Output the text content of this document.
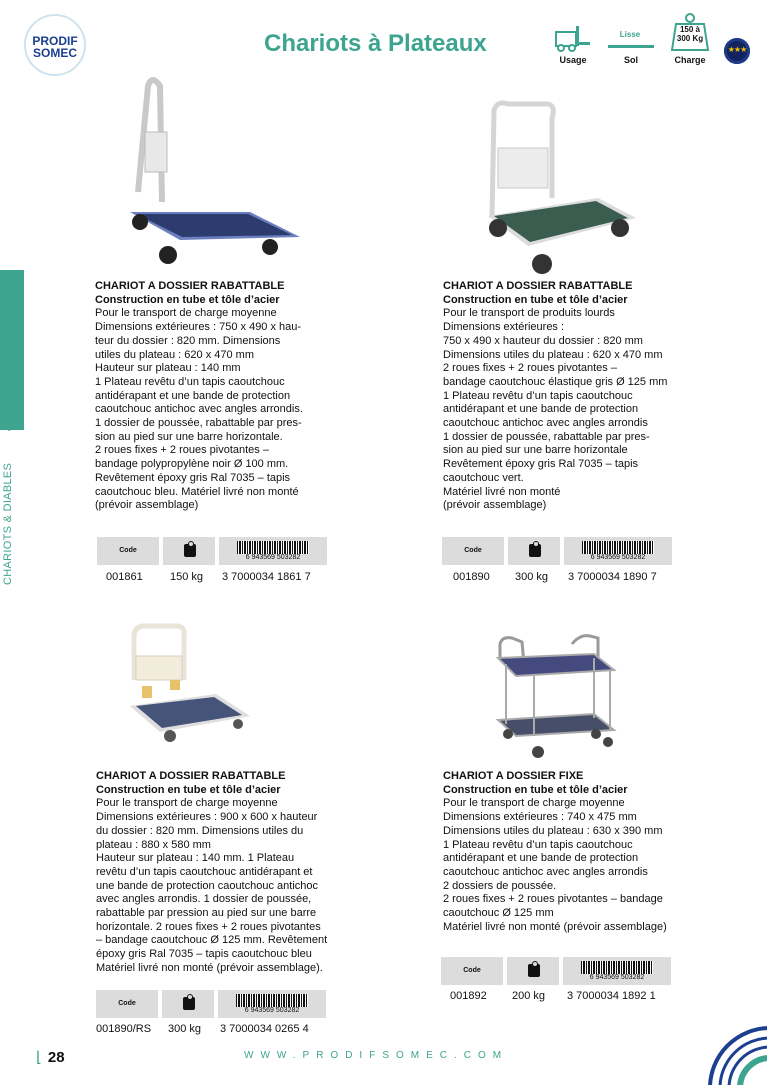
PRODIF
SOMEC	Chariots à Plateaux
Usage
Lisse
Sol
150 à
300 Kg
Charge
★★★
⌊
CHARIOTS & DIABLES
CHARIOT A DOSSIER RABATTABLE
Construction en tube et tôle d’acier
Pour le transport de charge moyenne
Dimensions extérieures : 750 x 490 x hau-
teur du dossier : 820 mm. Dimensions
utiles du plateau : 620 x 470 mm
Hauteur sur plateau : 140 mm
1 Plateau revêtu d’un tapis caoutchouc
antidérapant et une bande de protection
caoutchouc antichoc avec angles arrondis.
1 dossier de poussée, rabattable par pres-
sion au pied sur une barre horizontale.
2 roues fixes + 2 roues pivotantes –
bandage polypropylène noir Ø 100 mm.
Revêtement époxy gris Ral 7035 – tapis
caoutchouc bleu. Matériel livré non monté
(prévoir assemblage)
Code
6 943569 503282
001861 150 kg 3 7000034 1861 7
CHARIOT A DOSSIER RABATTABLE
Construction en tube et tôle d’acier
Pour le transport de produits lourds
Dimensions extérieures :
750 x 490 x hauteur du dossier : 820 mm
Dimensions utiles du plateau : 620 x 470 mm
2 roues fixes + 2 roues pivotantes –
bandage caoutchouc élastique gris Ø 125 mm
1 Plateau revêtu d’un tapis caoutchouc
antidérapant et une bande de protection
caoutchouc antichoc avec angles arrondis
1 dossier de poussée, rabattable par pres-
sion au pied sur une barre horizontale
Revêtement époxy gris Ral 7035 – tapis
caoutchouc vert.
Matériel livré non monté
(prévoir assemblage)
Code
6 943569 503282
001890 300 kg 3 7000034 1890 7
CHARIOT A DOSSIER RABATTABLE
Construction en tube et tôle d’acier
Pour le transport de charge moyenne
Dimensions extérieures : 900 x 600 x hauteur
du dossier : 820 mm. Dimensions utiles du
plateau : 880 x 580 mm
Hauteur sur plateau : 140 mm. 1 Plateau
revêtu d’un tapis caoutchouc antidérapant et
une bande de protection caoutchouc antichoc
avec angles arrondis. 1 dossier de poussée,
rabattable par pression au pied sur une barre
horizontale. 2 roues fixes + 2 roues pivotantes
– bandage caoutchouc Ø 125 mm. Revêtement
époxy gris Ral 7035 – tapis caoutchouc bleu
Matériel livré non monté (prévoir assemblage).
Code
6 943569 503282
001890/RS 300 kg 3 7000034 0265 4
CHARIOT A DOSSIER FIXE
Construction en tube et tôle d’acier
Pour le transport de charge moyenne
Dimensions extérieures : 740 x 475 mm
Dimensions utiles du plateau : 630 x 390 mm
1 Plateau revêtu d’un tapis caoutchouc
antidérapant et une bande de protection
caoutchouc antichoc avec angles arrondis
2 dossiers de poussée.
2 roues fixes + 2 roues pivotantes – bandage
caoutchouc Ø 125 mm
Matériel livré non monté (prévoir assemblage)
Code
6 943569 503282
001892 200 kg 3 7000034 1892 1
⌊ 28	WWW.PRODIFSOMEC.COM
